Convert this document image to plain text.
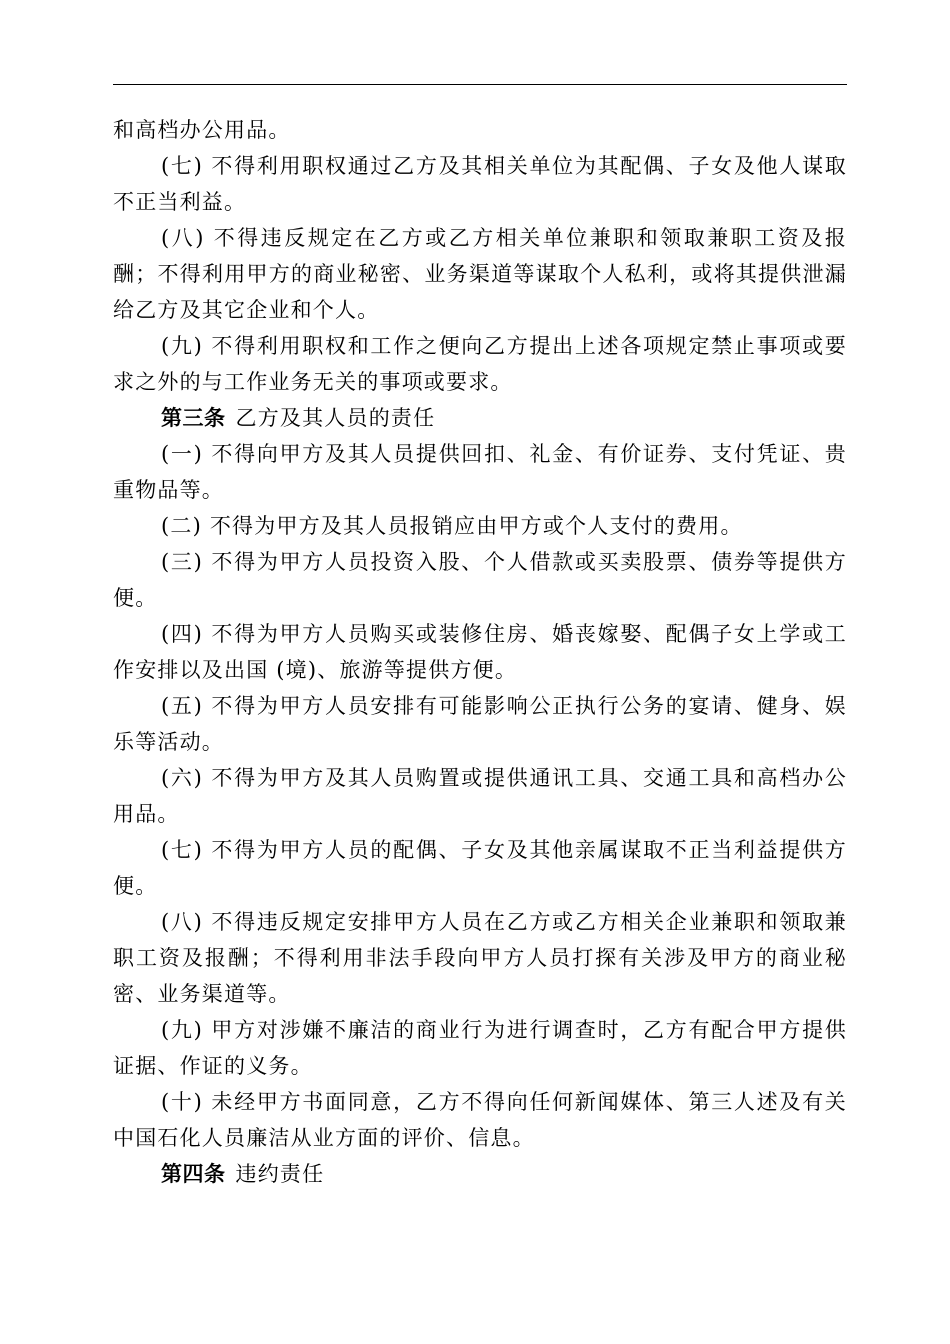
和高档办公用品。

(七) 不得利用职权通过乙方及其相关单位为其配偶、子女及他人谋取不正当利益。

(八) 不得违反规定在乙方或乙方相关单位兼职和领取兼职工资及报酬；不得利用甲方的商业秘密、业务渠道等谋取个人私利，或将其提供泄漏给乙方及其它企业和个人。

(九) 不得利用职权和工作之便向乙方提出上述各项规定禁止事项或要求之外的与工作业务无关的事项或要求。

第三条 乙方及其人员的责任

(一) 不得向甲方及其人员提供回扣、礼金、有价证券、支付凭证、贵重物品等。

(二) 不得为甲方及其人员报销应由甲方或个人支付的费用。

(三) 不得为甲方人员投资入股、个人借款或买卖股票、债券等提供方便。

(四) 不得为甲方人员购买或装修住房、婚丧嫁娶、配偶子女上学或工作安排以及出国 (境)、旅游等提供方便。

(五) 不得为甲方人员安排有可能影响公正执行公务的宴请、健身、娱乐等活动。

(六) 不得为甲方及其人员购置或提供通讯工具、交通工具和高档办公用品。

(七) 不得为甲方人员的配偶、子女及其他亲属谋取不正当利益提供方便。

(八) 不得违反规定安排甲方人员在乙方或乙方相关企业兼职和领取兼职工资及报酬；不得利用非法手段向甲方人员打探有关涉及甲方的商业秘密、业务渠道等。

(九) 甲方对涉嫌不廉洁的商业行为进行调查时，乙方有配合甲方提供证据、作证的义务。

(十) 未经甲方书面同意，乙方不得向任何新闻媒体、第三人述及有关中国石化人员廉洁从业方面的评价、信息。

第四条 违约责任
